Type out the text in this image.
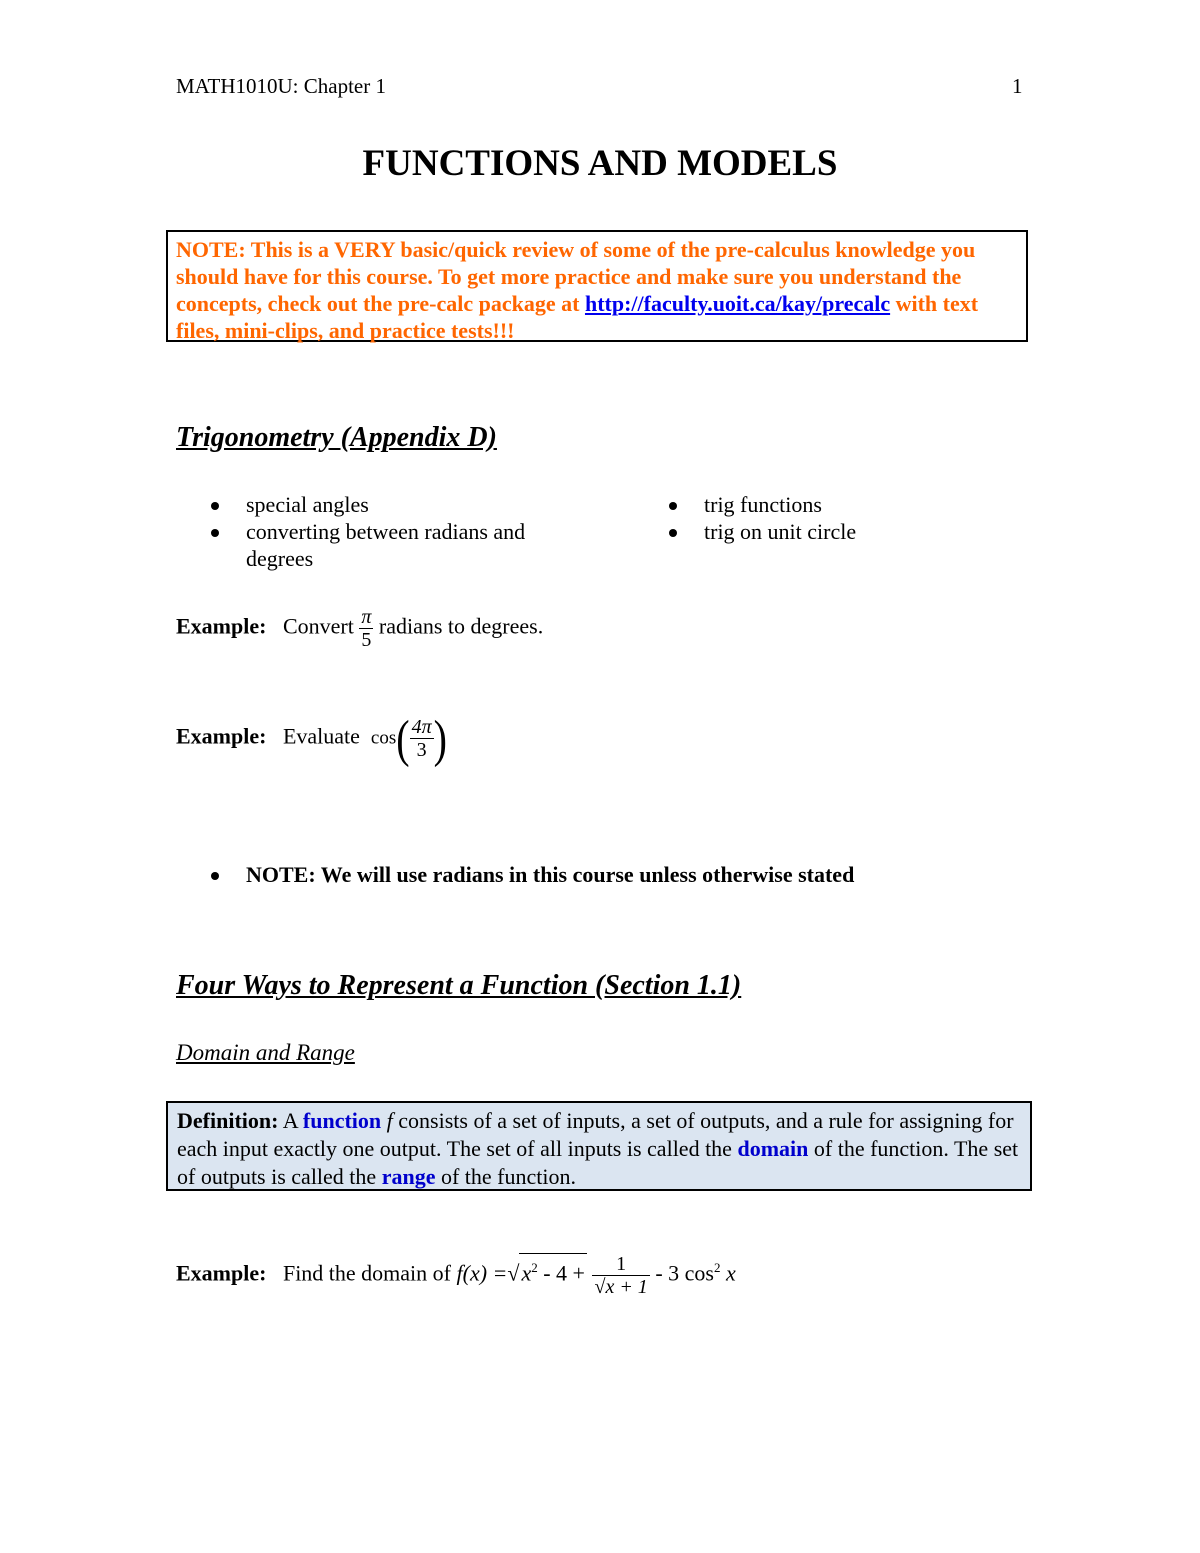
MATH1010U: Chapter 1	1
FUNCTIONS AND MODELS
NOTE: This is a VERY basic/quick review of some of the pre-calculus knowledge you should have for this course. To get more practice and make sure you understand the concepts, check out the pre-calc package at http://faculty.uoit.ca/kay/precalc with text files, mini-clips, and practice tests!!!
Trigonometry (Appendix D)
special angles
converting between radians and
degrees
trig functions
trig on unit circle
Example: Convert $\frac{\pi}{5}$ radians to degrees.
Example: Evaluate $\cos( \frac{4\pi}{3}$ )
NOTE: We will use radians in this course unless otherwise stated
Four Ways to Represent a Function (Section 1.1)
Domain and Range
Definition: A function f consists of a set of inputs, a set of outputs, and a rule for assigning for each input exactly one output. The set of all inputs is called the domain of the function. The set of outputs is called the range of the function.
Example: Find the domain of $f(x) =√x^2 - 4 + \frac{1}{√x + 1} - 3$ $\cos^2 x$
